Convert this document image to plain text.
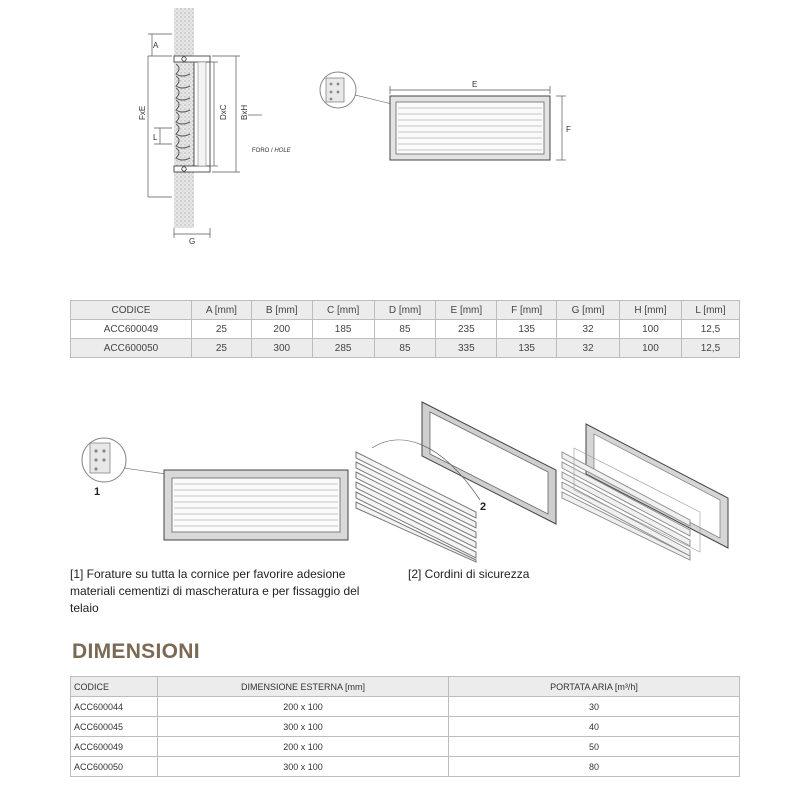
A
FxE
L
DxC BxH
FORO / HOLE
G
E
F
CODICE	A [mm]	B [mm]	C [mm]	D [mm]	E [mm]	F [mm]	G [mm]	H [mm]	L [mm]
ACC600049	25	200	185	85	235	135	32	100	12,5
ACC600050	25	300	285	85	335	135	32	100	12,5
1
2
[1] Forature su tutta la cornice per favorire adesione
materiali cementizi di mascheratura e per fissaggio del
telaio
[2] Cordini di sicurezza
DIMENSIONI
CODICE	DIMENSIONE ESTERNA [mm]	PORTATA ARIA [m³/h]
ACC600044	200 x 100	30
ACC600045	300 x 100	40
ACC600049	200 x 100	50
ACC600050	300 x 100	80
